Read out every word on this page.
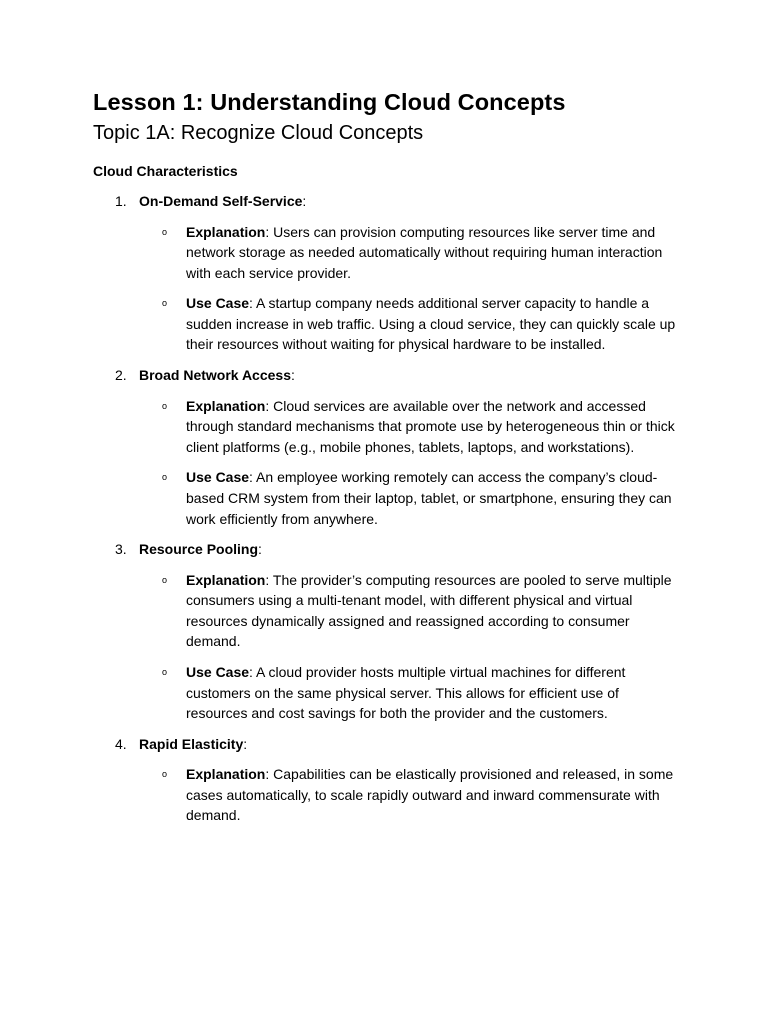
Lesson 1: Understanding Cloud Concepts
Topic 1A: Recognize Cloud Concepts

Cloud Characteristics

1. On-Demand Self-Service:
o Explanation: Users can provision computing resources like server time and network storage as needed automatically without requiring human interaction with each service provider.
o Use Case: A startup company needs additional server capacity to handle a sudden increase in web traffic. Using a cloud service, they can quickly scale up their resources without waiting for physical hardware to be installed.
2. Broad Network Access:
o Explanation: Cloud services are available over the network and accessed through standard mechanisms that promote use by heterogeneous thin or thick client platforms (e.g., mobile phones, tablets, laptops, and workstations).
o Use Case: An employee working remotely can access the company’s cloud-based CRM system from their laptop, tablet, or smartphone, ensuring they can work efficiently from anywhere.
3. Resource Pooling:
o Explanation: The provider’s computing resources are pooled to serve multiple consumers using a multi-tenant model, with different physical and virtual resources dynamically assigned and reassigned according to consumer demand.
o Use Case: A cloud provider hosts multiple virtual machines for different customers on the same physical server. This allows for efficient use of resources and cost savings for both the provider and the customers.
4. Rapid Elasticity:
o Explanation: Capabilities can be elastically provisioned and released, in some cases automatically, to scale rapidly outward and inward commensurate with demand.
